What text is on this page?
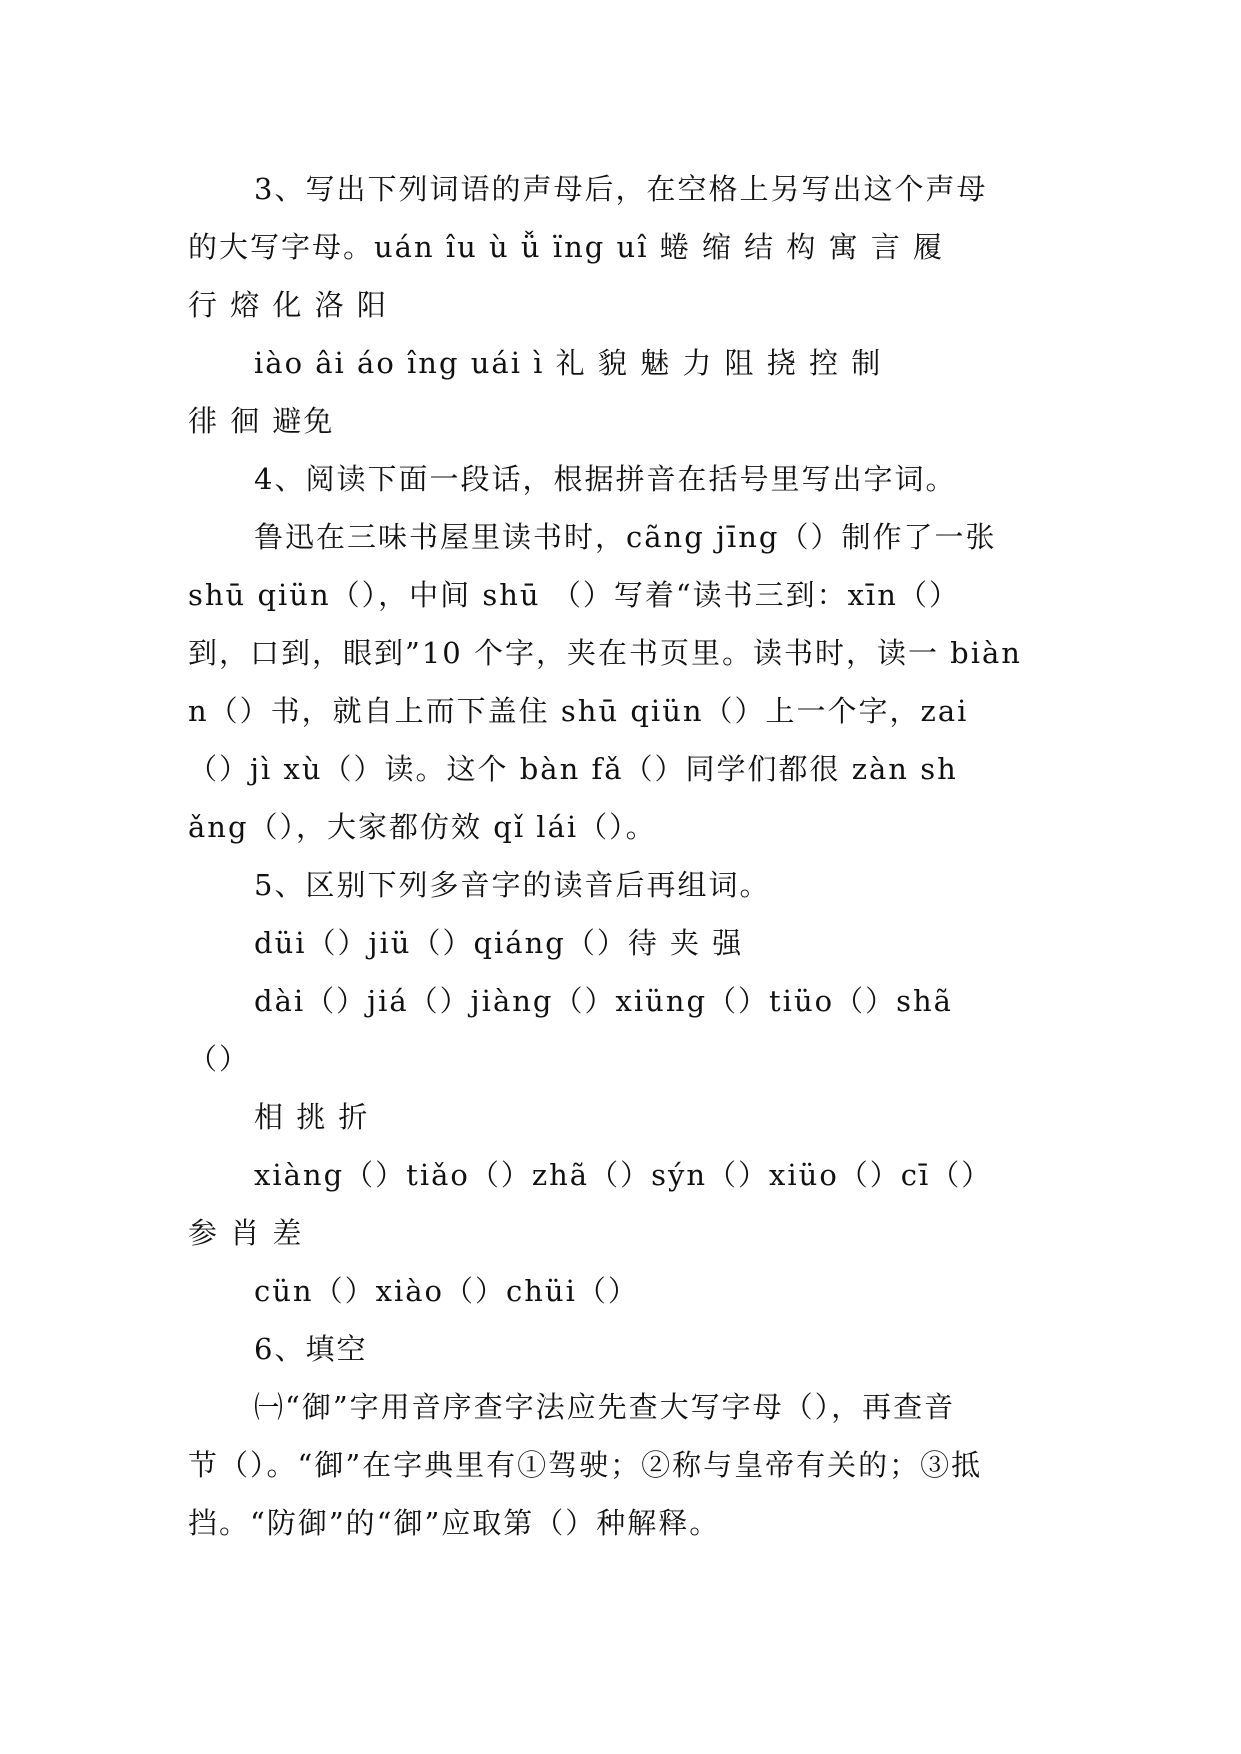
3、写出下列词语的声母后，在空格上另写出这个声母
的大写字母。uán îu ù ǚ ïng uî 蜷 缩 结 构 寓 言 履
行 熔 化 洛 阳
iào âi áo îng uái ì 礼 貌 魅 力 阻 挠 控 制
徘 徊 避免
4、阅读下面一段话，根据拼音在括号里写出字词。
鲁迅在三味书屋里读书时，cãng jīng（）制作了一张
shū qiün（），中间 shū （）写着“读书三到：xīn（）
到，口到，眼到”10 个字，夹在书页里。读书时，读一 biàn
n（）书，就自上而下盖住 shū qiün（）上一个字，zai
（）jì xù（）读。这个 bàn fǎ（）同学们都很 zàn sh
ǎng（），大家都仿效 qǐ lái（）。
5、区别下列多音字的读音后再组词。
düi（）jiü（）qiáng（）待 夹 强
dài（）jiá（）jiàng（）xiüng（）tiüo（）shã
（）
相 挑 折
xiàng（）tiǎo（）zhã（）sýn（）xiüo（）cī（）
参 肖 差
cün（）xiào（）chüi（）
6、填空
㈠“御”字用音序查字法应先查大写字母（），再查音
节（）。“御”在字典里有①驾驶；②称与皇帝有关的；③抵
挡。“防御”的“御”应取第（）种解释。
